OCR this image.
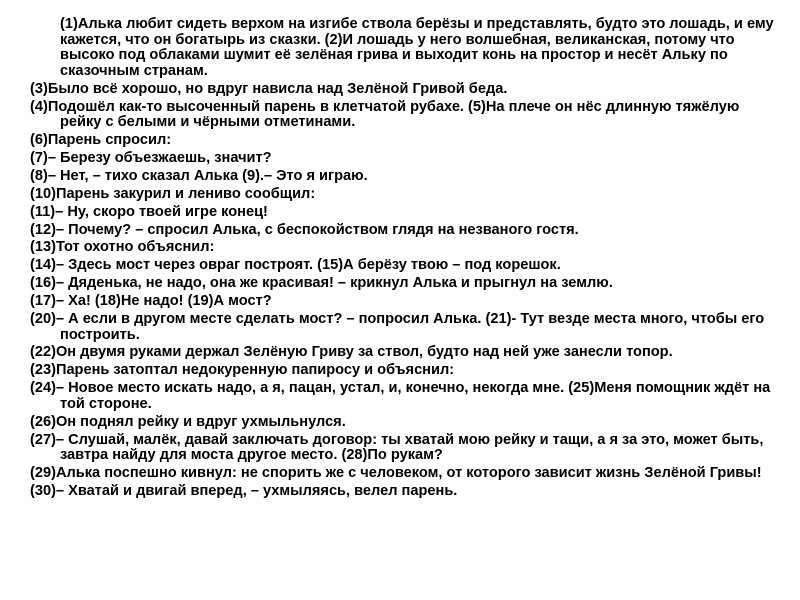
(1)Алька любит сидеть верхом на изгибе ствола берёзы и представлять, будто это лошадь, и ему кажется, что он богатырь из сказки. (2)И лошадь у него волшебная, великанская, потому что высоко под облаками шумит её зелёная грива и выходит конь на простор и несёт Альку по сказочным странам.

(3)Было всё хорошо, но вдруг нависла над Зелёной Гривой беда.

(4)Подошёл как-то высоченный парень в клетчатой рубахе. (5)На плече он нёс длинную тяжёлую рейку с белыми и чёрными отметинами.

(6)Парень спросил:

(7)– Березу объезжаешь, значит?

(8)– Нет, – тихо сказал Алька (9).– Это я играю.

(10)Парень закурил и лениво сообщил:

(11)– Ну, скоро твоей игре конец!

(12)– Почему? – спросил Алька, с беспокойством глядя на незваного гостя.

(13)Тот охотно объяснил:

(14)– Здесь мост через овраг построят. (15)А берёзу твою – под корешок.

(16)– Дяденька, не надо, она же красивая! – крикнул Алька и прыгнул на землю.

(17)– Ха! (18)Не надо! (19)А мост?

(20)– А если в другом месте сделать мост? – попросил Алька. (21)- Тут везде места много, чтобы его построить.

(22)Он двумя руками держал Зелёную Гриву за ствол, будто над ней уже занесли топор.

(23)Парень затоптал недокуренную папиросу и объяснил:

(24)– Новое место искать надо, а я, пацан, устал, и, конечно, некогда мне. (25)Меня помощник ждёт на той стороне.

(26)Он поднял рейку и вдруг ухмыльнулся.

(27)– Слушай, малёк, давай заключать договор: ты хватай мою рейку и тащи, а я за это, может быть, завтра найду для моста другое место. (28)По рукам?

(29)Алька поспешно кивнул: не спорить же с человеком, от которого зависит жизнь Зелёной Гривы!

(30)– Хватай и двигай вперед, – ухмыляясь, велел парень.
